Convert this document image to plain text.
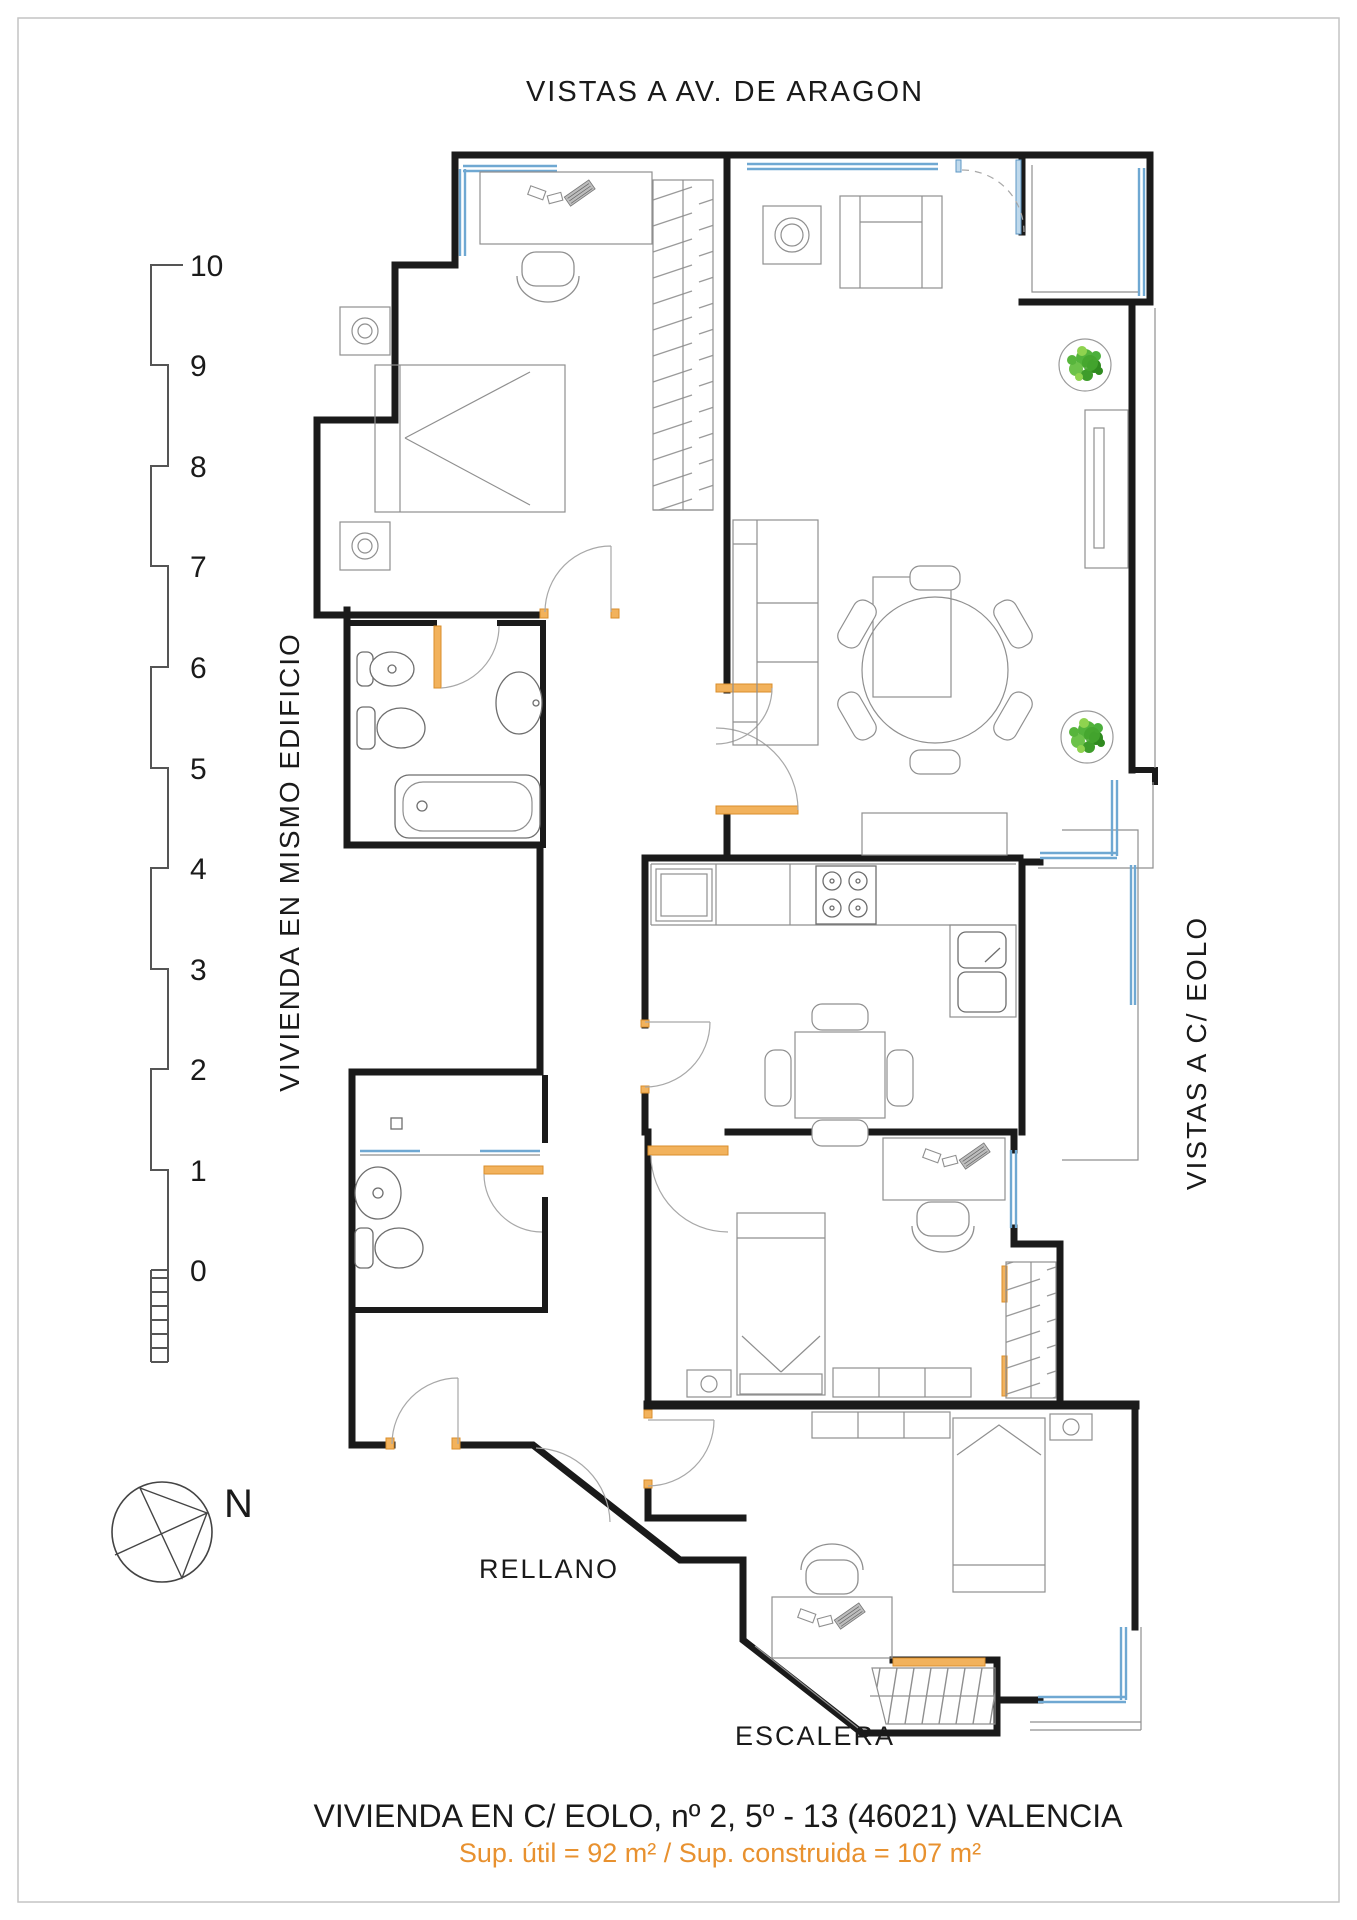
VISTAS A AV. DE ARAGON
VIVIENDA EN MISMO EDIFICIO	VISTAS A C/ EOLO
RELLANO
ESCALERA
VIVIENDA EN C/ EOLO, nº 2, 5º - 13 (46021) VALENCIA
Sup. útil = 92 m² / Sup. construida = 107 m²
10
9
8
7
6
5
4
3
2
1
0
N
